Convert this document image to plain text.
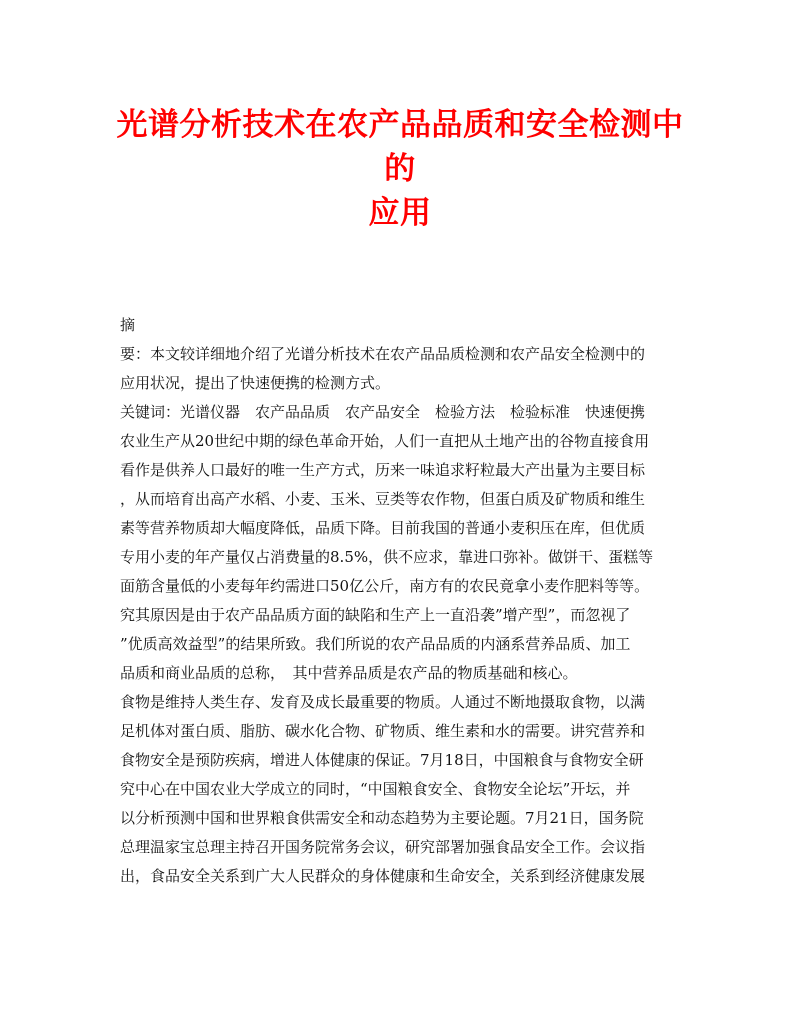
光谱分析技术在农产品品质和安全检测中的
应用
摘
要：本文较详细地介绍了光谱分析技术在农产品品质检测和农产品安全检测中的
应用状况，提出了快速便携的检测方式。
关键词：光谱仪器　农产品品质　农产品安全　检验方法　检验标准　快速便携
农业生产从20世纪中期的绿色革命开始，人们一直把从土地产出的谷物直接食用
看作是供养人口最好的唯一生产方式，历来一味追求籽粒最大产出量为主要目标
，从而培育出高产水稻、小麦、玉米、豆类等农作物，但蛋白质及矿物质和维生
素等营养物质却大幅度降低，品质下降。目前我国的普通小麦积压在库，但优质
专用小麦的年产量仅占消费量的8.5%，供不应求，靠进口弥补。做饼干、蛋糕等
面筋含量低的小麦每年约需进口50亿公斤，南方有的农民竟拿小麦作肥料等等。
究其原因是由于农产品品质方面的缺陷和生产上一直沿袭”增产型”，而忽视了
”优质高效益型”的结果所致。我们所说的农产品品质的内涵系营养品质、加工
品质和商业品质的总称，　其中营养品质是农产品的物质基础和核心。
食物是维持人类生存、发育及成长最重要的物质。人通过不断地摄取食物，以满
足机体对蛋白质、脂肪、碳水化合物、矿物质、维生素和水的需要。讲究营养和
食物安全是预防疾病，增进人体健康的保证。7月18日，中国粮食与食物安全研
究中心在中国农业大学成立的同时，“中国粮食安全、食物安全论坛”开坛，并
以分析预测中国和世界粮食供需安全和动态趋势为主要论题。7月21日，国务院
总理温家宝总理主持召开国务院常务会议，研究部署加强食品安全工作。会议指
出，食品安全关系到广大人民群众的身体健康和生命安全，关系到经济健康发展
